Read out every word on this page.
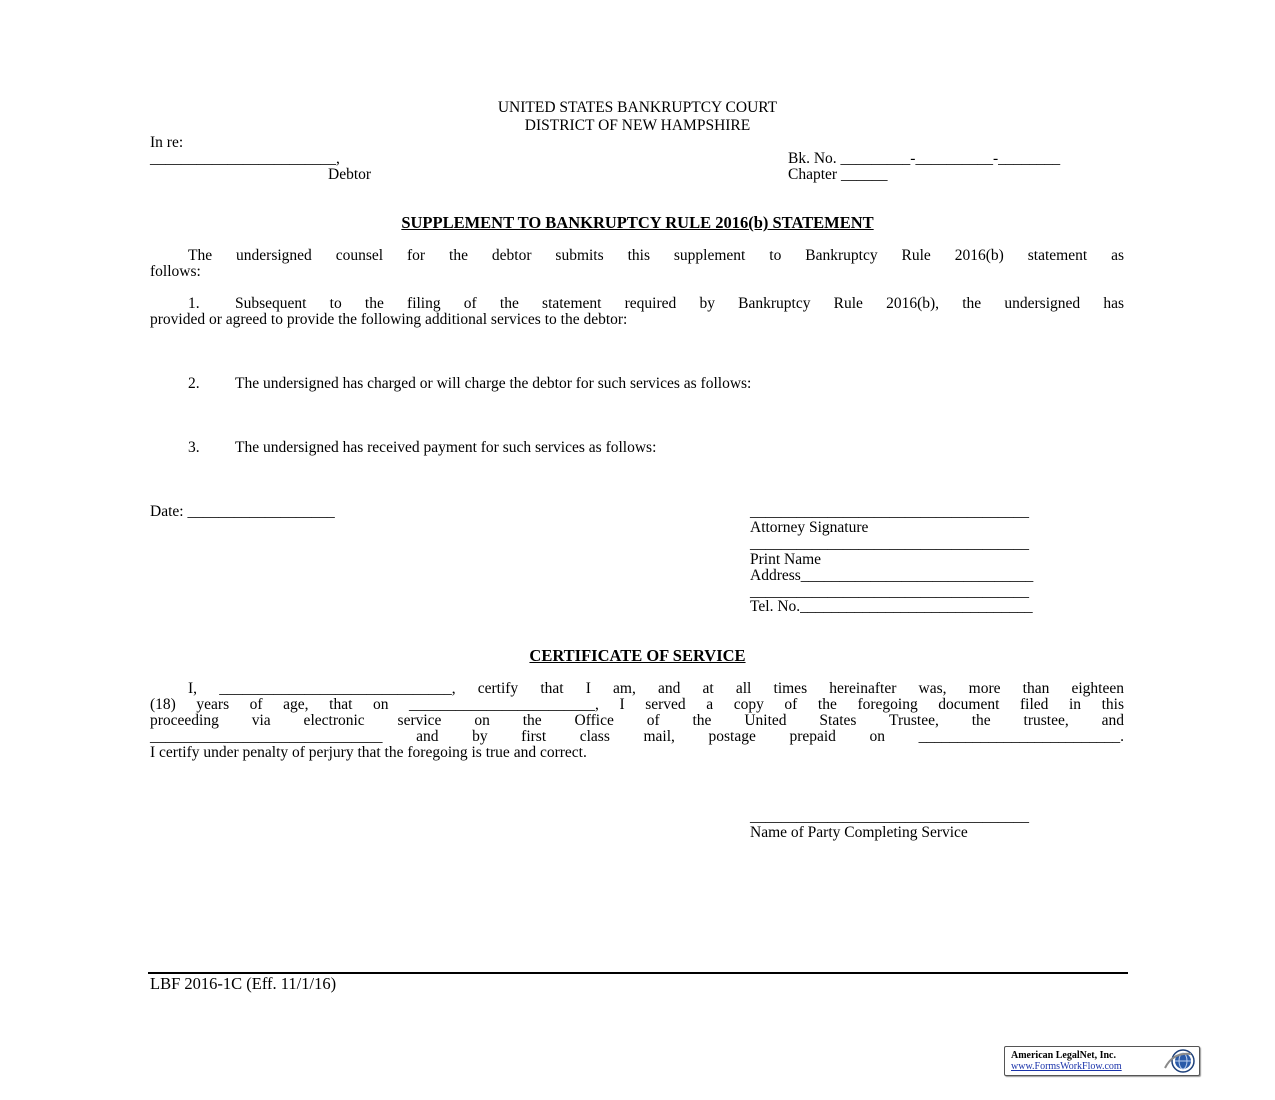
UNITED STATES BANKRUPTCY COURT
DISTRICT OF NEW HAMPSHIRE
In re:
________________________,
Debtor
Bk. No. _________-__________-________
Chapter ______
SUPPLEMENT TO BANKRUPTCY RULE 2016(b) STATEMENT
The undersigned counsel for the debtor submits this supplement to Bankruptcy Rule 2016(b) statement as
follows:
1. Subsequent to the filing of the statement required by Bankruptcy Rule 2016(b), the undersigned has
provided or agreed to provide the following additional services to the debtor:
2. The undersigned has charged or will charge the debtor for such services as follows:
3. The undersigned has received payment for such services as follows:
Date: ___________________	____________________________________
Attorney Signature
____________________________________
Print Name
Address______________________________
____________________________________
Tel. No.______________________________
CERTIFICATE OF SERVICE
I, ______________________________, certify that I am, and at all times hereinafter was, more than eighteen
(18) years of age, that on ________________________, I served a copy of the foregoing document filed in this
proceeding via electronic service on the Office of the United States Trustee, the trustee, and
______________________________ and by first class mail, postage prepaid on __________________________.
I certify under penalty of perjury that the foregoing is true and correct.
____________________________________
Name of Party Completing Service
LBF 2016-1C (Eff. 11/1/16)
American LegalNet, Inc.
www.FormsWorkFlow.com
